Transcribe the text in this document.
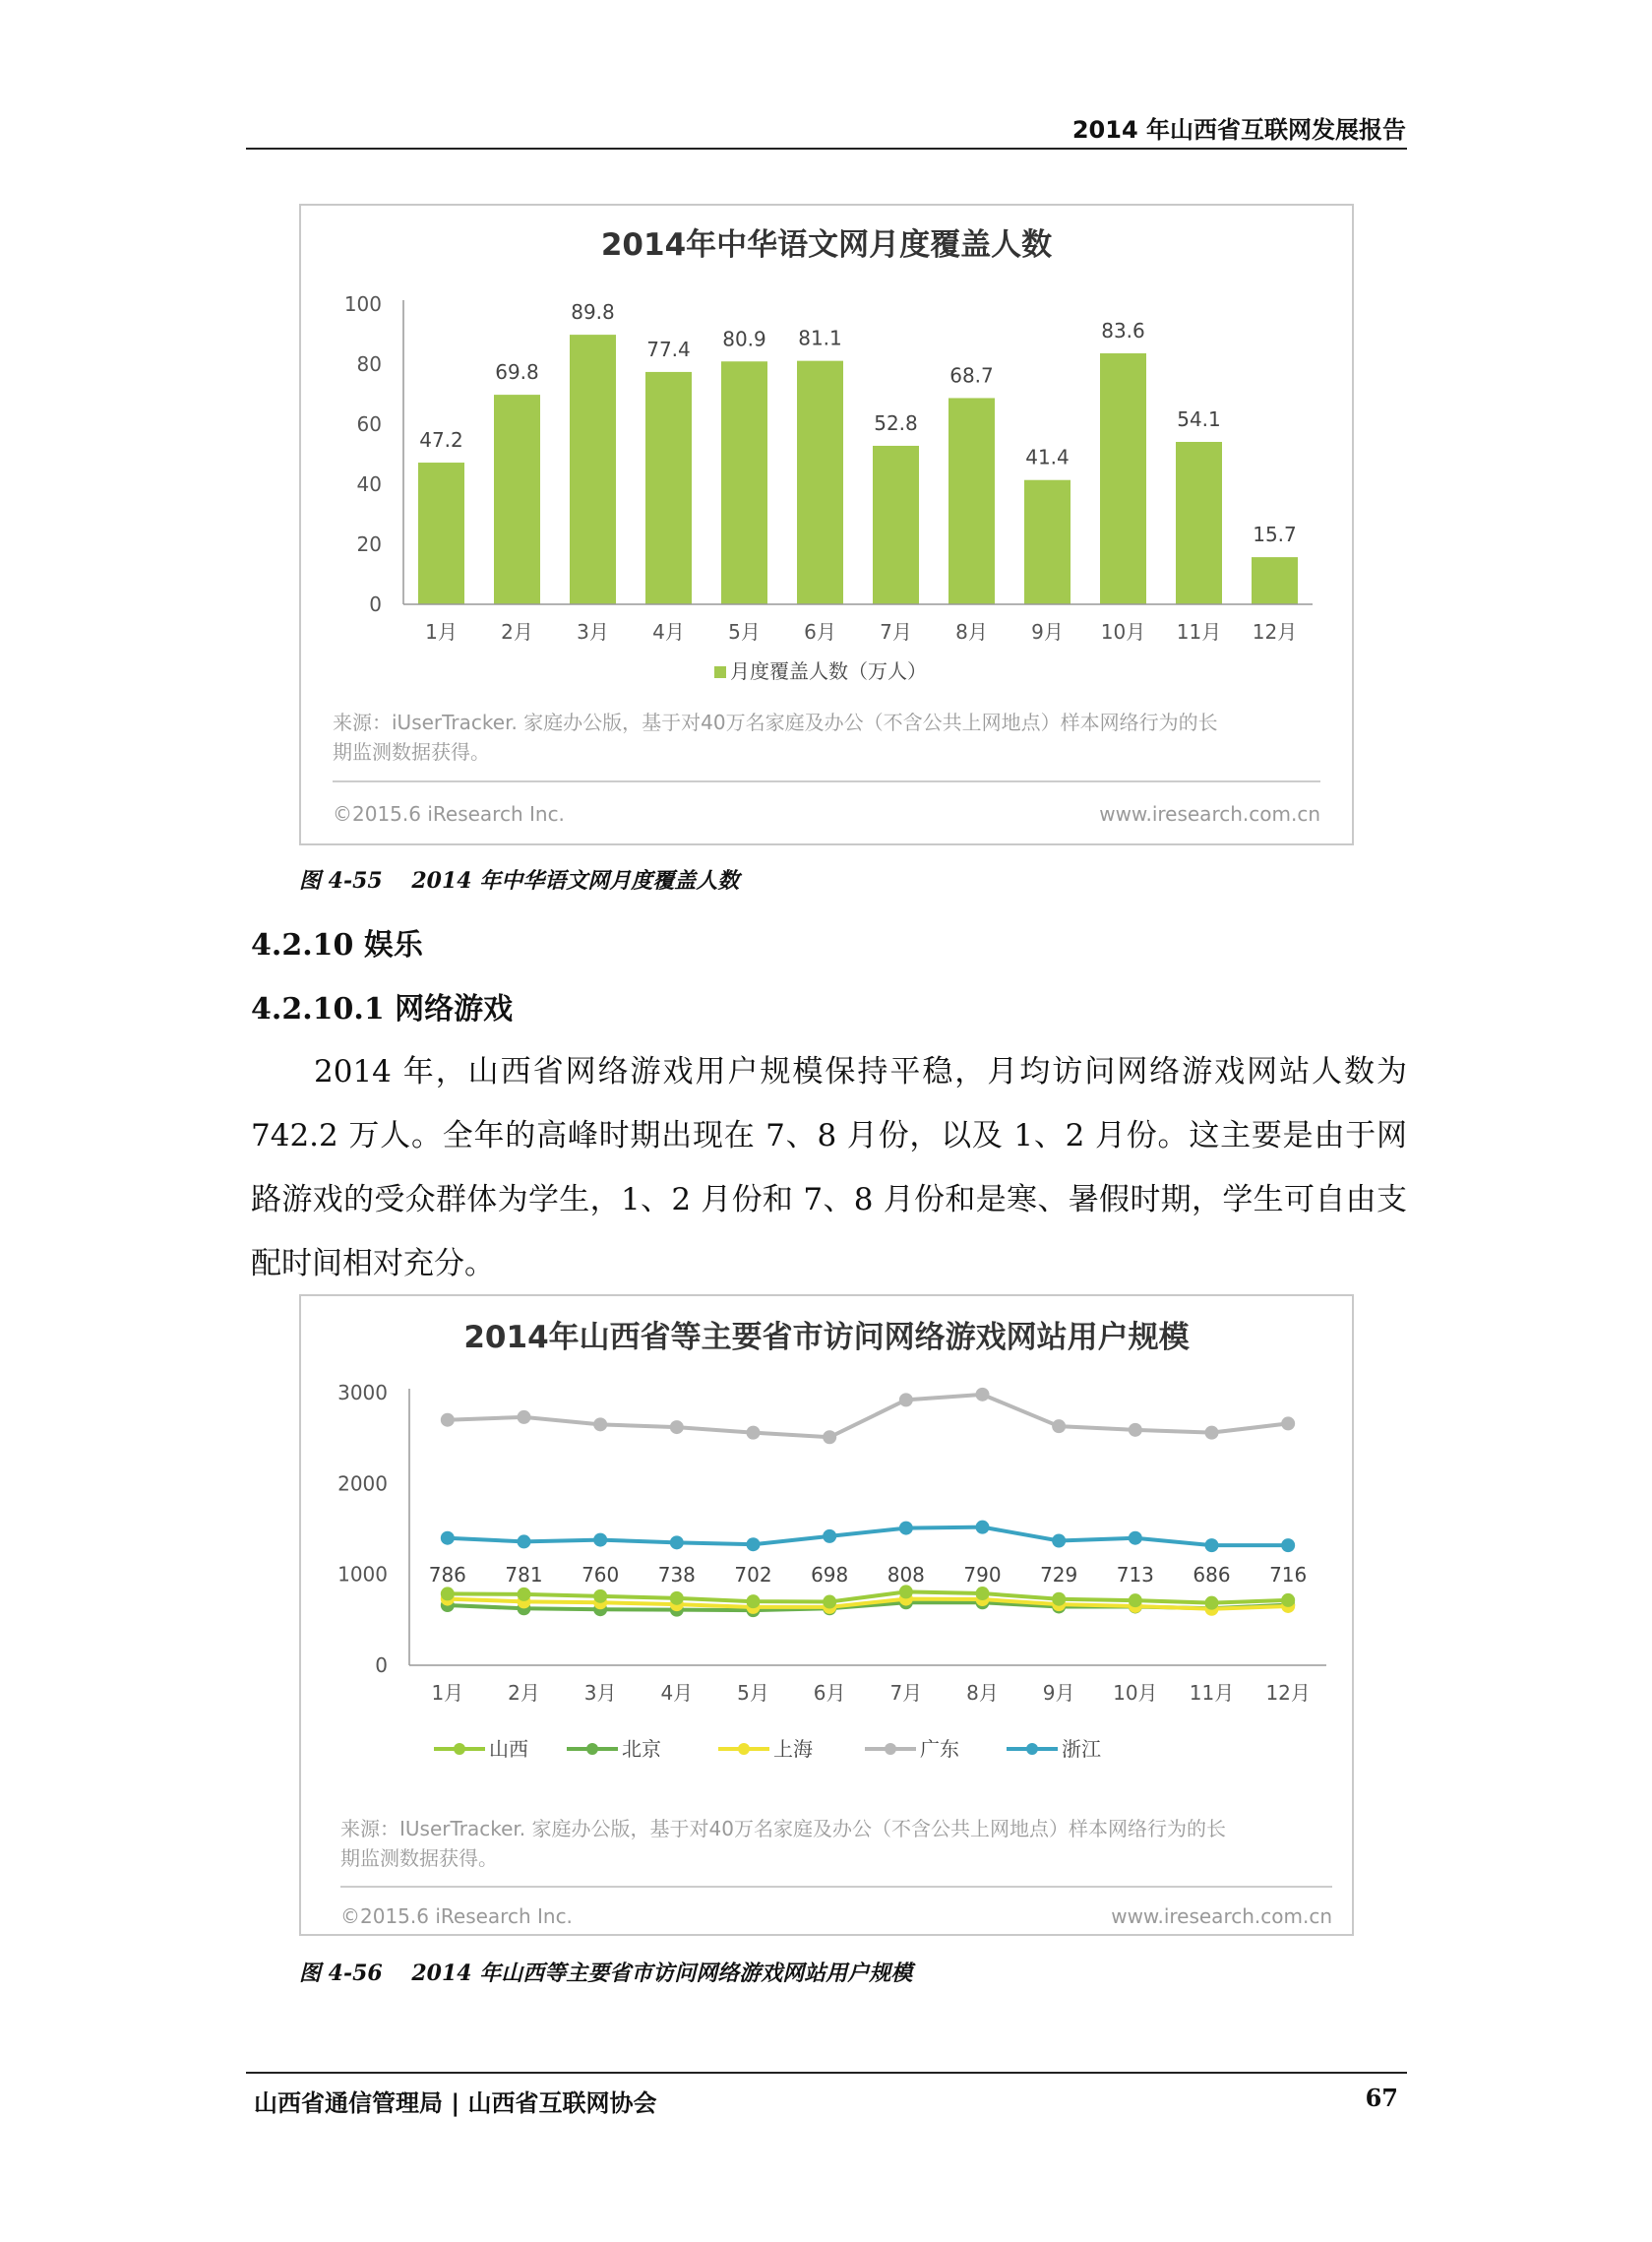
2014 年山西省互联网发展报告
2014年中华语文网月度覆盖人数
0
20
40
60
80
100
47.2
69.8
89.8
77.4 80.9 81.1
52.8
68.7
41.4
83.6
54.1
15.7
1月 2月 3月 4月 5月 6月 7月 8月 9月 10月 11月 12月
月度覆盖人数（万人）
来源：iUserTracker. 家庭办公版，基于对40万名家庭及办公（不含公共上网地点）样本网络行为的长
期监测数据获得。
©2015.6 iResearch Inc.	www.iresearch.com.cn
图 4-55　 2014 年中华语文网月度覆盖人数
4.2.10 娱乐
4.2.10.1 网络游戏
2014 年，山西省网络游戏用户规模保持平稳，月均访问网络游戏网站人数为 742.2 万人。全年的高峰时期出现在 7、8 月份，以及 1、2 月份。这主要是由于网路游戏的受众群体为学生，1、2 月份和 7、8 月份和是寒、暑假时期，学生可自由支配时间相对充分。
2014年山西省等主要省市访问网络游戏网站用户规模
0
1000
2000
3000
786 781 760 738 702 698 808 790 729 713 686 716
1月 2月 3月 4月 5月 6月 7月 8月 9月 10月 11月 12月
山西	北京	上海	广东	浙江
来源：IUserTracker. 家庭办公版，基于对40万名家庭及办公（不含公共上网地点）样本网络行为的长
期监测数据获得。
©2015.6 iResearch Inc.	www.iresearch.com.cn
图 4-56　 2014 年山西等主要省市访问网络游戏网站用户规模
山西省通信管理局 | 山西省互联网协会	67
